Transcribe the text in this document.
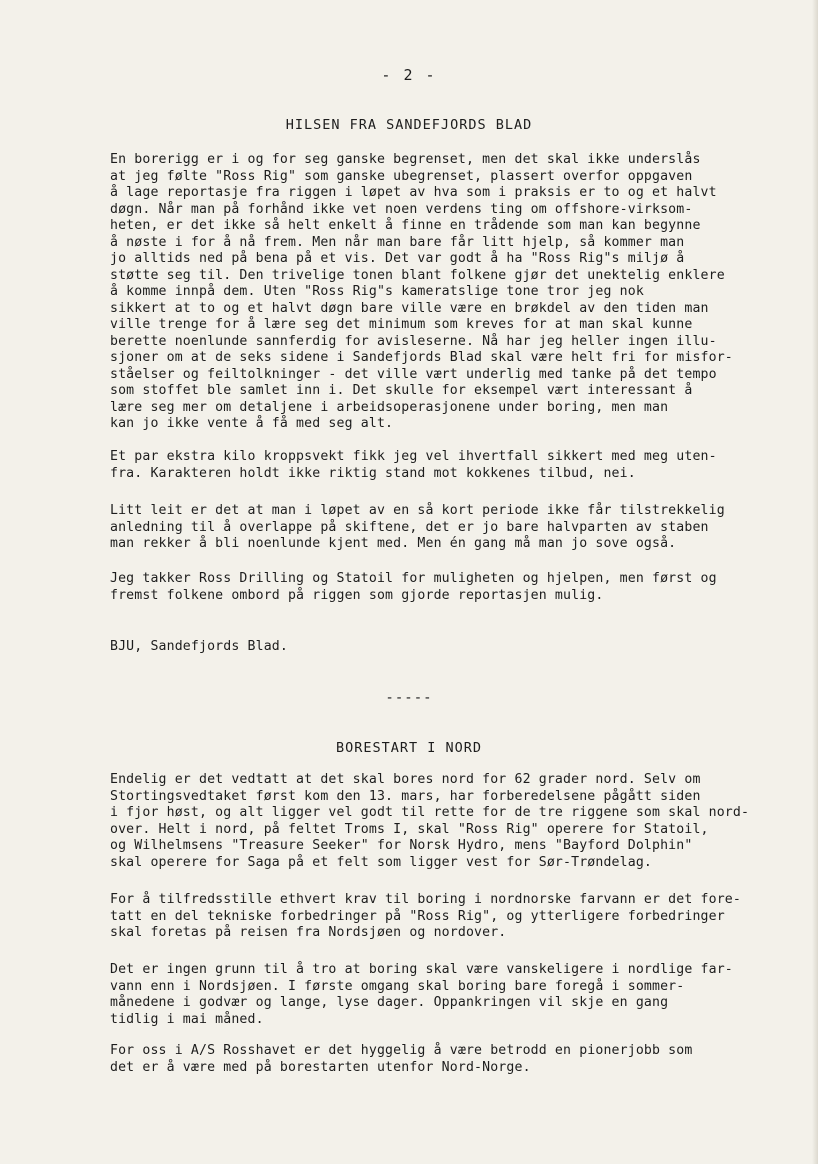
- 2 -
HILSEN FRA SANDEFJORDS BLAD
En borerigg er i og for seg ganske begrenset, men det skal ikke underslås
at jeg følte "Ross Rig" som ganske ubegrenset, plassert overfor oppgaven
å lage reportasje fra riggen i løpet av hva som i praksis er to og et halvt
døgn. Når man på forhånd ikke vet noen verdens ting om offshore-virksom-
heten, er det ikke så helt enkelt å finne en trådende som man kan begynne
å nøste i for å nå frem. Men når man bare får litt hjelp, så kommer man
jo alltids ned på bena på et vis. Det var godt å ha "Ross Rig"s miljø å
støtte seg til. Den trivelige tonen blant folkene gjør det unektelig enklere
å komme innpå dem. Uten "Ross Rig"s kameratslige tone tror jeg nok
sikkert at to og et halvt døgn bare ville være en brøkdel av den tiden man
ville trenge for å lære seg det minimum som kreves for at man skal kunne
berette noenlunde sannferdig for avisleserne. Nå har jeg heller ingen illu-
sjoner om at de seks sidene i Sandefjords Blad skal være helt fri for misfor-
ståelser og feiltolkninger - det ville vært underlig med tanke på det tempo
som stoffet ble samlet inn i. Det skulle for eksempel vært interessant å
lære seg mer om detaljene i arbeidsoperasjonene under boring, men man
kan jo ikke vente å få med seg alt.
Et par ekstra kilo kroppsvekt fikk jeg vel ihvertfall sikkert med meg uten-
fra. Karakteren holdt ikke riktig stand mot kokkenes tilbud, nei.
Litt leit er det at man i løpet av en så kort periode ikke får tilstrekkelig
anledning til å overlappe på skiftene, det er jo bare halvparten av staben
man rekker å bli noenlunde kjent med. Men én gang må man jo sove også.
Jeg takker Ross Drilling og Statoil for muligheten og hjelpen, men først og
fremst folkene ombord på riggen som gjorde reportasjen mulig.
BJU, Sandefjords Blad.
-----
BORESTART I NORD
Endelig er det vedtatt at det skal bores nord for 62 grader nord. Selv om
Stortingsvedtaket først kom den 13. mars, har forberedelsene pågått siden
i fjor høst, og alt ligger vel godt til rette for de tre riggene som skal nord-
over. Helt i nord, på feltet Troms I, skal "Ross Rig" operere for Statoil,
og Wilhelmsens "Treasure Seeker" for Norsk Hydro, mens "Bayford Dolphin"
skal operere for Saga på et felt som ligger vest for Sør-Trøndelag.
For å tilfredsstille ethvert krav til boring i nordnorske farvann er det fore-
tatt en del tekniske forbedringer på "Ross Rig", og ytterligere forbedringer
skal foretas på reisen fra Nordsjøen og nordover.
Det er ingen grunn til å tro at boring skal være vanskeligere i nordlige far-
vann enn i Nordsjøen. I første omgang skal boring bare foregå i sommer-
månedene i godvær og lange, lyse dager. Oppankringen vil skje en gang
tidlig i mai måned.
For oss i A/S Rosshavet er det hyggelig å være betrodd en pionerjobb som
det er å være med på borestarten utenfor Nord-Norge.
